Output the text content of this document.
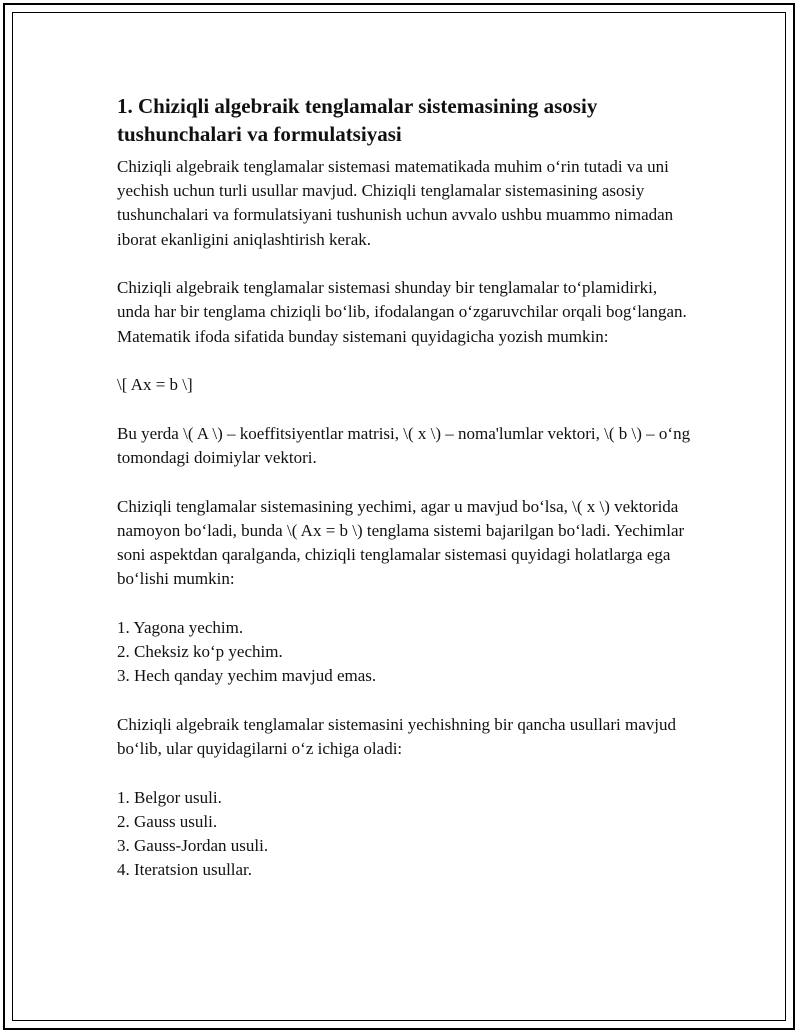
1. Chiziqli algebraik tenglamalar sistemasining asosiy tushunchalari va formulatsiyasi

Chiziqli algebraik tenglamalar sistemasi matematikada muhim o‘rin tutadi va uni yechish uchun turli usullar mavjud. Chiziqli tenglamalar sistemasining asosiy tushunchalari va formulatsiyani tushunish uchun avvalo ushbu muammo nimadan iborat ekanligini aniqlashtirish kerak.

Chiziqli algebraik tenglamalar sistemasi shunday bir tenglamalar to‘plamidirki, unda har bir tenglama chiziqli bo‘lib, ifodalangan o‘zgaruvchilar orqali bog‘langan. Matematik ifoda sifatida bunday sistemani quyidagicha yozish mumkin:

\[ Ax = b \]

Bu yerda \( A \) – koeffitsiyentlar matrisi, \( x \) – noma'lumlar vektori, \( b \) – o‘ng tomondagi doimiylar vektori.

Chiziqli tenglamalar sistemasining yechimi, agar u mavjud bo‘lsa, \( x \) vektorida namoyon bo‘ladi, bunda \( Ax = b \) tenglama sistemi bajarilgan bo‘ladi. Yechimlar soni aspektdan qaralganda, chiziqli tenglamalar sistemasi quyidagi holatlarga ega bo‘lishi mumkin:

1. Yagona yechim.
2. Cheksiz ko‘p yechim.
3. Hech qanday yechim mavjud emas.

Chiziqli algebraik tenglamalar sistemasini yechishning bir qancha usullari mavjud bo‘lib, ular quyidagilarni o‘z ichiga oladi:

1. Belgor usuli.
2. Gauss usuli.
3. Gauss-Jordan usuli.
4. Iteratsion usullar.
